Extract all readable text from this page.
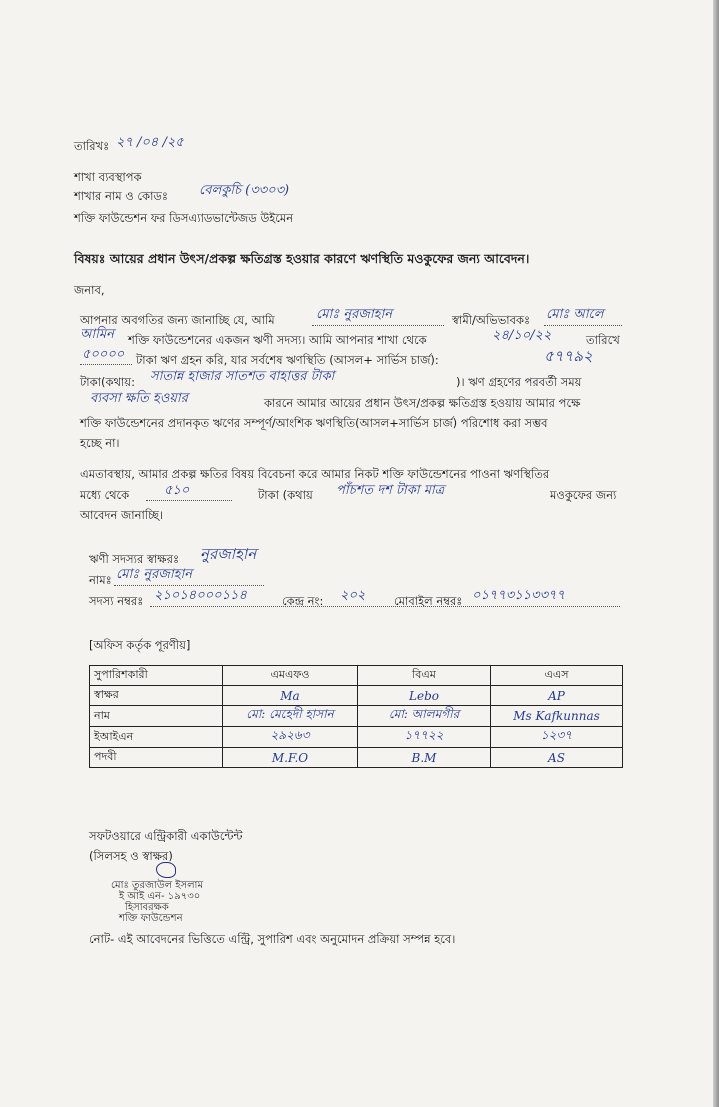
তারিখঃ ২৭ /০৪ /২৫
শাখা ব্যবস্থাপক
শাখার নাম ও কোডঃ বেলকুচি (৩৩০৩)
শক্তি ফাউন্ডেশন ফর ডিসএ্যাডভান্টেজড উইমেন
বিষয়ঃ আয়ের প্রধান উৎস/প্রকল্প ক্ষতিগ্রস্ত হওয়ার কারণে ঋণস্থিতি মওকুফের জন্য আবেদন।
জনাব,
আপনার অবগতির জন্য জানাচ্ছি যে, আমি	মোঃ নুরজাহান	স্বামী/অভিভাবকঃ মোঃ আলে
আমিন শক্তি ফাউন্ডেশনের একজন ঋণী সদস্য। আমি আপনার শাখা থেকে	২৪/১০/২২	তারিখে
৫০০০০ টাকা ঋণ গ্রহন করি, যার সর্বশেষ ঋণস্থিতি (আসল+ সার্ভিস চার্জ):	৫৭৭৯২
টাকা(কথায়: সাতান্ন হাজার সাতশত বাহাত্তর টাকা	)। ঋণ গ্রহণের পরবর্তী সময়
ব্যবসা ক্ষতি হওয়ার	কারনে আমার আয়ের প্রধান উৎস/প্রকল্প ক্ষতিগ্রস্ত হওয়ায় আমার পক্ষে
শক্তি ফাউন্ডেশনের প্রদানকৃত ঋণের সম্পূর্ণ/আংশিক ঋণস্থিতি(আসল+সার্ভিস চার্জ) পরিশোধ করা সম্ভব
হচ্ছে না।
এমতাবস্থায়, আমার প্রকল্প ক্ষতির বিষয় বিবেচনা করে আমার নিকট শক্তি ফাউন্ডেশনের পাওনা ঋণস্থিতির
মধ্যে থেকে	৫১০	টাকা (কথায় পাঁচশত দশ টাকা মাত্র	মওকুফের জন্য
আবেদন জানাচ্ছি।
ঋণী সদস্যর স্বাক্ষরঃ নুরজাহান
নামঃ মোঃ নুরজাহান
সদস্য নম্বরঃ ২১০১৪০০০১১৪	কেন্দ্র নং: ২০২ মোবাইল নম্বরঃ ০১৭৭৩১১৩৩৭৭
[অফিস কর্তৃক পূরণীয়]
সুপারিশকারী	এমএফও	বিএম	এএস
স্বাক্ষর	Ma	Lebo	AP
নাম	মো: মেহেদী হাসান	মো: আলমগীর	Ms Kafkunnas
ইআইএন	২৯২৬৩	১৭৭২২	১২৩৭
পদবী	M.F.O	B.M	AS
সফটওয়ারে এন্ট্রিকারী একাউন্টেন্ট
(সিলসহ ও স্বাক্ষর)
মোঃ তুরজাউল ইসলাম
ই আই এন- ১৯৭৩০
হিসাবরক্ষক
শক্তি ফাউন্ডেশন
নোট- এই আবেদনের ভিত্তিতে এন্ট্রি, সুপারিশ এবং অনুমোদন প্রক্রিয়া সম্পন্ন হবে।
